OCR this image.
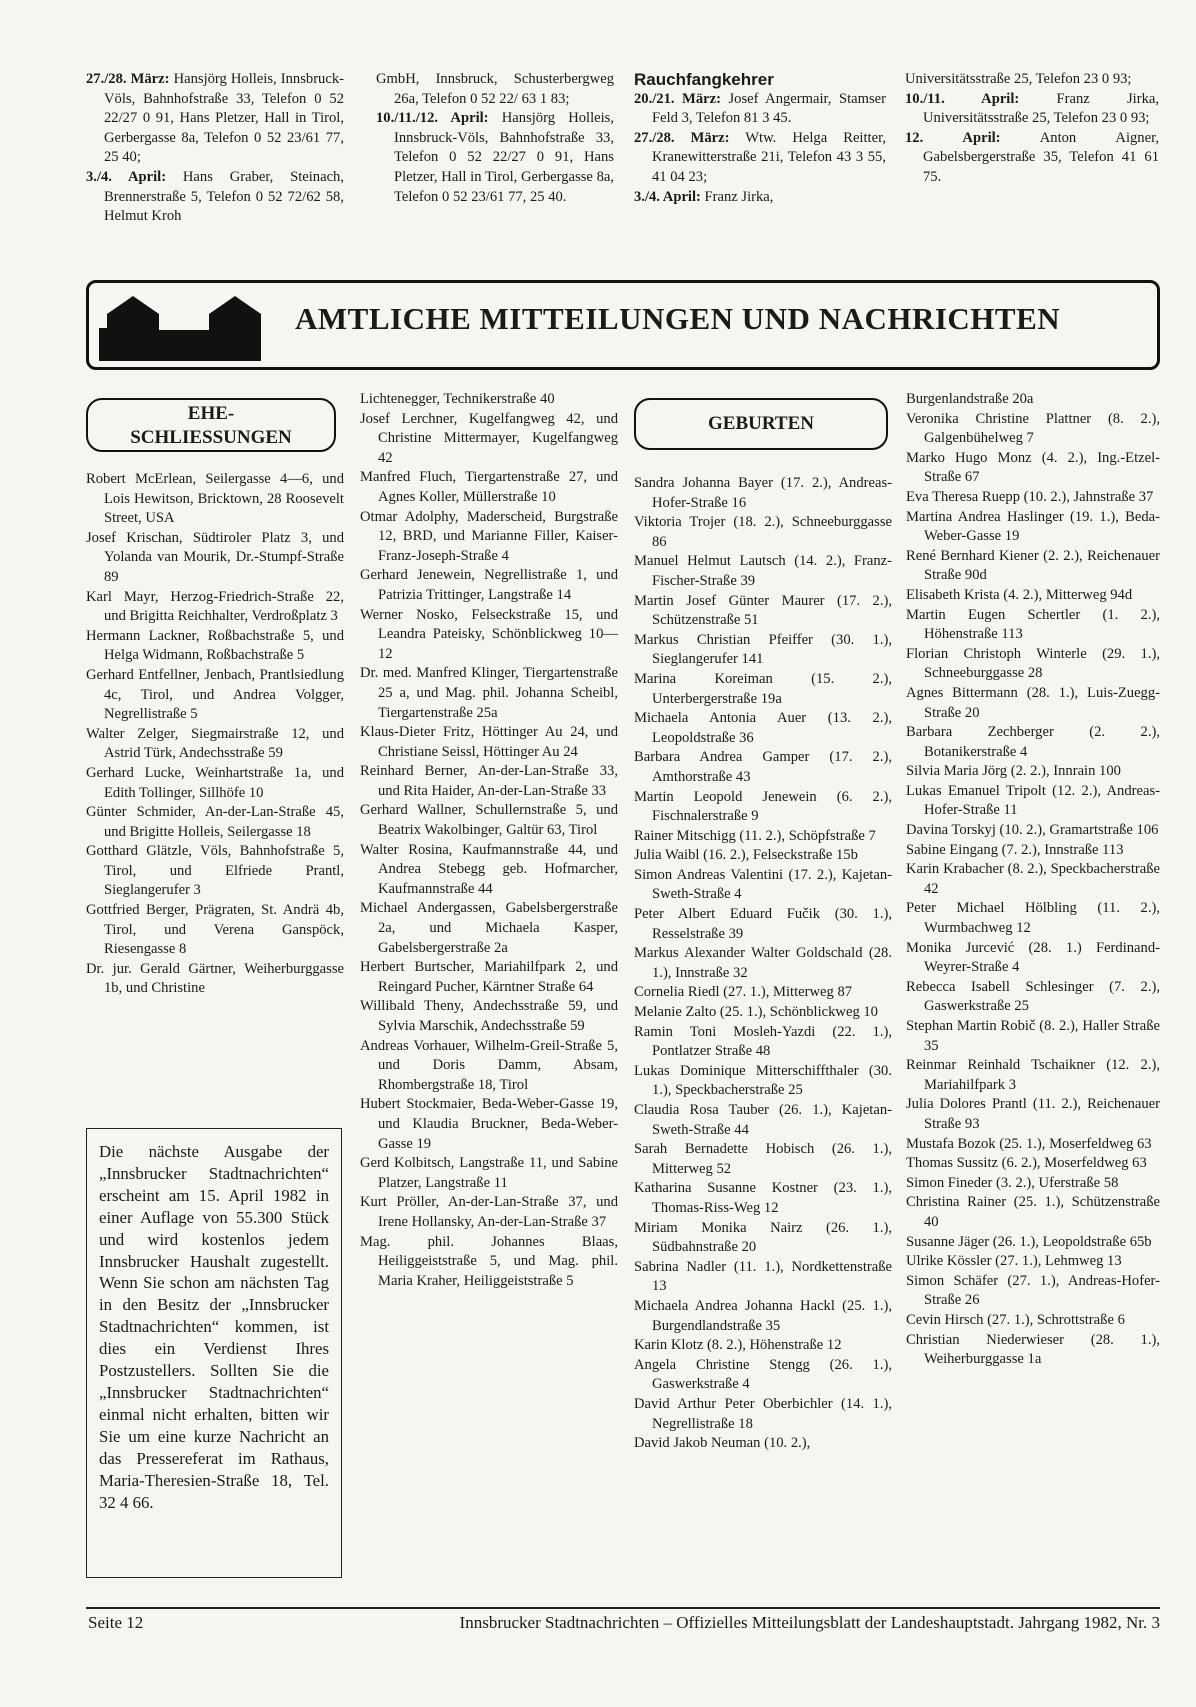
27./28. März: Hansjörg Holleis, Innsbruck-Völs, Bahnhofstraße 33, Telefon 0 52 22/27 0 91, Hans Pletzer, Hall in Tirol, Gerbergasse 8a, Telefon 0 52 23/61 77, 25 40;

3./4. April: Hans Graber, Steinach, Brennerstraße 5, Telefon 0 52 72/62 58, Helmut Kroh

GmbH, Innsbruck, Schusterbergweg 26a, Telefon 0 52 22/ 63 1 83;

10./11./12. April: Hansjörg Holleis, Innsbruck-Völs, Bahnhofstraße 33, Telefon 0 52 22/27 0 91, Hans Pletzer, Hall in Tirol, Gerbergasse 8a, Telefon 0 52 23/61 77, 25 40.

Rauchfangkehrer

20./21. März: Josef Angermair, Stamser Feld 3, Telefon 81 3 45.

27./28. März: Wtw. Helga Reitter, Kranewitterstraße 21i, Telefon 43 3 55, 41 04 23;

3./4. April: Franz Jirka,

Universitätsstraße 25, Telefon 23 0 93;

10./11. April: Franz Jirka, Universitätsstraße 25, Telefon 23 0 93;

12. April: Anton Aigner, Gabelsbergerstraße 35, Telefon 41 61 75.

AMTLICHE MITTEILUNGEN UND NACHRICHTEN
EHE-
SCHLIESSUNGEN
GEBURTEN

Robert McErlean, Seilergasse 4—6, und Lois Hewitson, Bricktown, 28 Roosevelt Street, USA

Josef Krischan, Südtiroler Platz 3, und Yolanda van Mourik, Dr.-Stumpf-Straße 89

Karl Mayr, Herzog-Friedrich-Straße 22, und Brigitta Reichhalter, Verdroßplatz 3

Hermann Lackner, Roßbachstraße 5, und Helga Widmann, Roßbachstraße 5

Gerhard Entfellner, Jenbach, Prantlsiedlung 4c, Tirol, und Andrea Volgger, Negrellistraße 5

Walter Zelger, Siegmairstraße 12, und Astrid Türk, Andechsstraße 59

Gerhard Lucke, Weinhartstraße 1a, und Edith Tollinger, Sillhöfe 10

Günter Schmider, An-der-Lan-Straße 45, und Brigitte Holleis, Seilergasse 18

Gotthard Glätzle, Völs, Bahnhofstraße 5, Tirol, und Elfriede Prantl, Sieglangerufer 3

Gottfried Berger, Prägraten, St. Andrä 4b, Tirol, und Verena Ganspöck, Riesengasse 8

Dr. jur. Gerald Gärtner, Weiherburggasse 1b, und Christine

Die nächste Ausgabe der „Innsbrucker Stadtnachrichten“ erscheint am 15. April 1982 in einer Auflage von 55.300 Stück und wird kostenlos jedem Innsbrucker Haushalt zugestellt. Wenn Sie schon am nächsten Tag in den Besitz der „Innsbrucker Stadtnachrichten“ kommen, ist dies ein Verdienst Ihres Postzustellers. Sollten Sie die „Innsbrucker Stadtnachrichten“ einmal nicht erhalten, bitten wir Sie um eine kurze Nachricht an das Pressereferat im Rathaus, Maria-Theresien-Straße 18, Tel. 32 4 66.

Lichtenegger, Technikerstraße 40

Josef Lerchner, Kugelfangweg 42, und Christine Mittermayer, Kugelfangweg 42

Manfred Fluch, Tiergartenstraße 27, und Agnes Koller, Müllerstraße 10

Otmar Adolphy, Maderscheid, Burgstraße 12, BRD, und Marianne Filler, Kaiser-Franz-Joseph-Straße 4

Gerhard Jenewein, Negrellistraße 1, und Patrizia Trittinger, Langstraße 14

Werner Nosko, Felseckstraße 15, und Leandra Pateisky, Schönblickweg 10—12

Dr. med. Manfred Klinger, Tiergartenstraße 25 a, und Mag. phil. Johanna Scheibl, Tiergartenstraße 25a

Klaus-Dieter Fritz, Höttinger Au 24, und Christiane Seissl, Höttinger Au 24

Reinhard Berner, An-der-Lan-Straße 33, und Rita Haider, An-der-Lan-Straße 33

Gerhard Wallner, Schullernstraße 5, und Beatrix Wakolbinger, Galtür 63, Tirol

Walter Rosina, Kaufmannstraße 44, und Andrea Stebegg geb. Hofmarcher, Kaufmannstraße 44

Michael Andergassen, Gabelsbergerstraße 2a, und Michaela Kasper, Gabelsbergerstraße 2a

Herbert Burtscher, Mariahilfpark 2, und Reingard Pucher, Kärntner Straße 64

Willibald Theny, Andechsstraße 59, und Sylvia Marschik, Andechsstraße 59

Andreas Vorhauer, Wilhelm-Greil-Straße 5, und Doris Damm, Absam, Rhombergstraße 18, Tirol

Hubert Stockmaier, Beda-Weber-Gasse 19, und Klaudia Bruckner, Beda-Weber-Gasse 19

Gerd Kolbitsch, Langstraße 11, und Sabine Platzer, Langstraße 11

Kurt Pröller, An-der-Lan-Straße 37, und Irene Hollansky, An-der-Lan-Straße 37

Mag. phil. Johannes Blaas, Heiliggeiststraße 5, und Mag. phil. Maria Kraher, Heiliggeiststraße 5

Sandra Johanna Bayer (17. 2.), Andreas-Hofer-Straße 16

Viktoria Trojer (18. 2.), Schneeburggasse 86

Manuel Helmut Lautsch (14. 2.), Franz-Fischer-Straße 39

Martin Josef Günter Maurer (17. 2.), Schützenstraße 51

Markus Christian Pfeiffer (30. 1.), Sieglangerufer 141

Marina Koreiman (15. 2.), Unterbergerstraße 19a

Michaela Antonia Auer (13. 2.), Leopoldstraße 36

Barbara Andrea Gamper (17. 2.), Amthorstraße 43

Martin Leopold Jenewein (6. 2.), Fischnalerstraße 9

Rainer Mitschigg (11. 2.), Schöpfstraße 7

Julia Waibl (16. 2.), Felseckstraße 15b

Simon Andreas Valentini (17. 2.), Kajetan-Sweth-Straße 4

Peter Albert Eduard Fučik (30. 1.), Resselstraße 39

Markus Alexander Walter Goldschald (28. 1.), Innstraße 32

Cornelia Riedl (27. 1.), Mitterweg 87

Melanie Zalto (25. 1.), Schönblickweg 10

Ramin Toni Mosleh-Yazdi (22. 1.), Pontlatzer Straße 48

Lukas Dominique Mitterschiffthaler (30. 1.), Speckbacherstraße 25

Claudia Rosa Tauber (26. 1.), Kajetan-Sweth-Straße 44

Sarah Bernadette Hobisch (26. 1.), Mitterweg 52

Katharina Susanne Kostner (23. 1.), Thomas-Riss-Weg 12

Miriam Monika Nairz (26. 1.), Südbahnstraße 20

Sabrina Nadler (11. 1.), Nordkettenstraße 13

Michaela Andrea Johanna Hackl (25. 1.), Burgendlandstraße 35

Karin Klotz (8. 2.), Höhenstraße 12

Angela Christine Stengg (26. 1.), Gaswerkstraße 4

David Arthur Peter Oberbichler (14. 1.), Negrellistraße 18

David Jakob Neuman (10. 2.),

Burgenlandstraße 20a

Veronika Christine Plattner (8. 2.), Galgenbühelweg 7

Marko Hugo Monz (4. 2.), Ing.-Etzel-Straße 67

Eva Theresa Ruepp (10. 2.), Jahnstraße 37

Martina Andrea Haslinger (19. 1.), Beda-Weber-Gasse 19

René Bernhard Kiener (2. 2.), Reichenauer Straße 90d

Elisabeth Krista (4. 2.), Mitterweg 94d

Martin Eugen Schertler (1. 2.), Höhenstraße 113

Florian Christoph Winterle (29. 1.), Schneeburggasse 28

Agnes Bittermann (28. 1.), Luis-Zuegg-Straße 20

Barbara Zechberger (2. 2.), Botanikerstraße 4

Silvia Maria Jörg (2. 2.), Innrain 100

Lukas Emanuel Tripolt (12. 2.), Andreas-Hofer-Straße 11

Davina Torskyj (10. 2.), Gramartstraße 106

Sabine Eingang (7. 2.), Innstraße 113

Karin Krabacher (8. 2.), Speckbacherstraße 42

Peter Michael Hölbling (11. 2.), Wurmbachweg 12

Monika Jurcević (28. 1.) Ferdinand-Weyrer-Straße 4

Rebecca Isabell Schlesinger (7. 2.), Gaswerkstraße 25

Stephan Martin Robič (8. 2.), Haller Straße 35

Reinmar Reinhald Tschaikner (12. 2.), Mariahilfpark 3

Julia Dolores Prantl (11. 2.), Reichenauer Straße 93

Mustafa Bozok (25. 1.), Moserfeldweg 63

Thomas Sussitz (6. 2.), Moserfeldweg 63

Simon Fineder (3. 2.), Uferstraße 58

Christina Rainer (25. 1.), Schützenstraße 40

Susanne Jäger (26. 1.), Leopoldstraße 65b

Ulrike Kössler (27. 1.), Lehmweg 13

Simon Schäfer (27. 1.), Andreas-Hofer-Straße 26

Cevin Hirsch (27. 1.), Schrottstraße 6

Christian Niederwieser (28. 1.), Weiherburggasse 1a

Seite 12	Innsbrucker Stadtnachrichten – Offizielles Mitteilungsblatt der Landeshauptstadt. Jahrgang 1982, Nr. 3
